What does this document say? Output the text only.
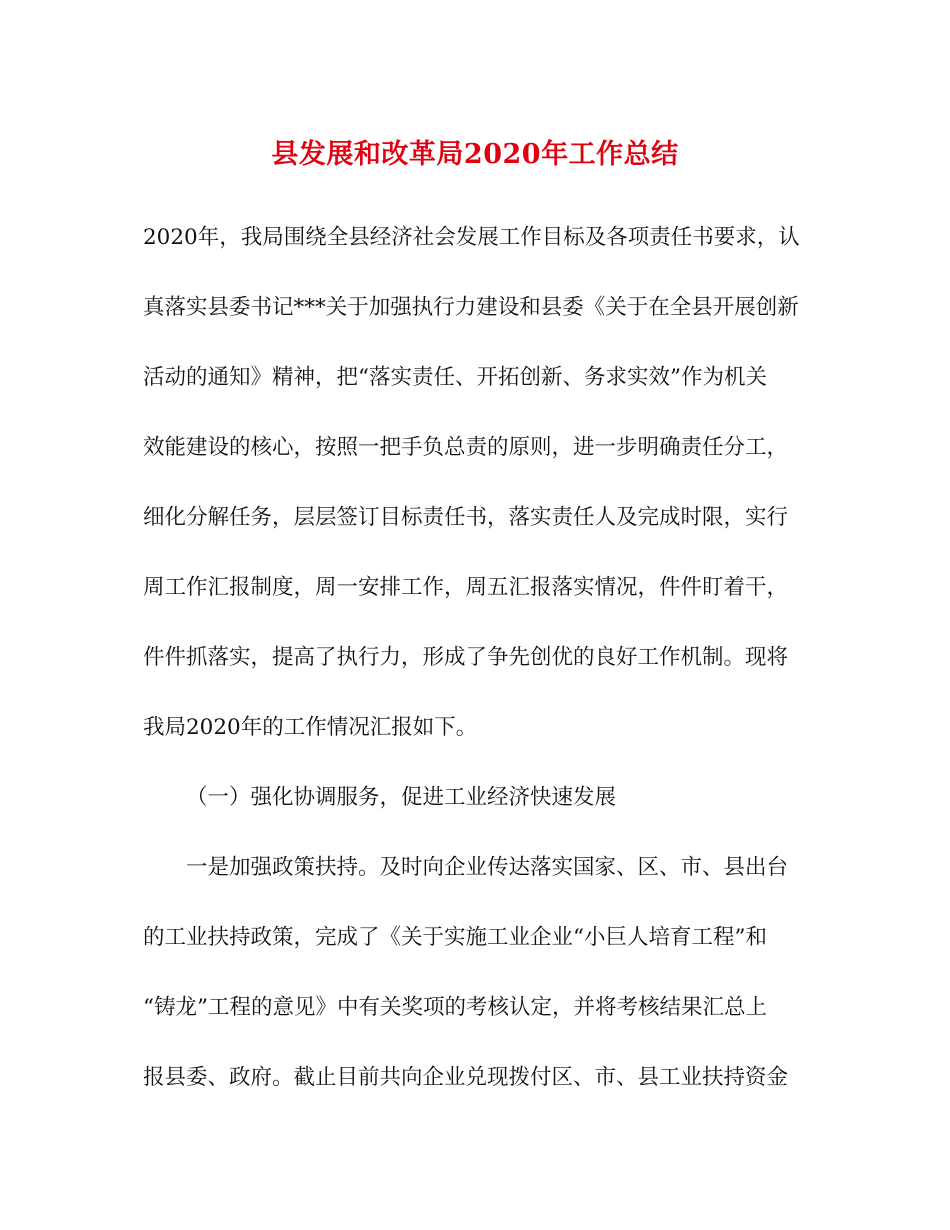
县发展和改革局2020年工作总结

2020年，我局围绕全县经济社会发展工作目标及各项责任书要求，认

真落实县委书记***关于加强执行力建设和县委《关于在全县开展创新

活动的通知》精神，把“落实责任、开拓创新、务求实效”作为机关

效能建设的核心，按照一把手负总责的原则，进一步明确责任分工，

细化分解任务，层层签订目标责任书，落实责任人及完成时限，实行

周工作汇报制度，周一安排工作，周五汇报落实情况，件件盯着干，

件件抓落实，提高了执行力，形成了争先创优的良好工作机制。现将

我局2020年的工作情况汇报如下。

（一）强化协调服务，促进工业经济快速发展

一是加强政策扶持。及时向企业传达落实国家、区、市、县出台

的工业扶持政策，完成了《关于实施工业企业“小巨人培育工程”和

“铸龙”工程的意见》中有关奖项的考核认定，并将考核结果汇总上

报县委、政府。截止目前共向企业兑现拨付区、市、县工业扶持资金
